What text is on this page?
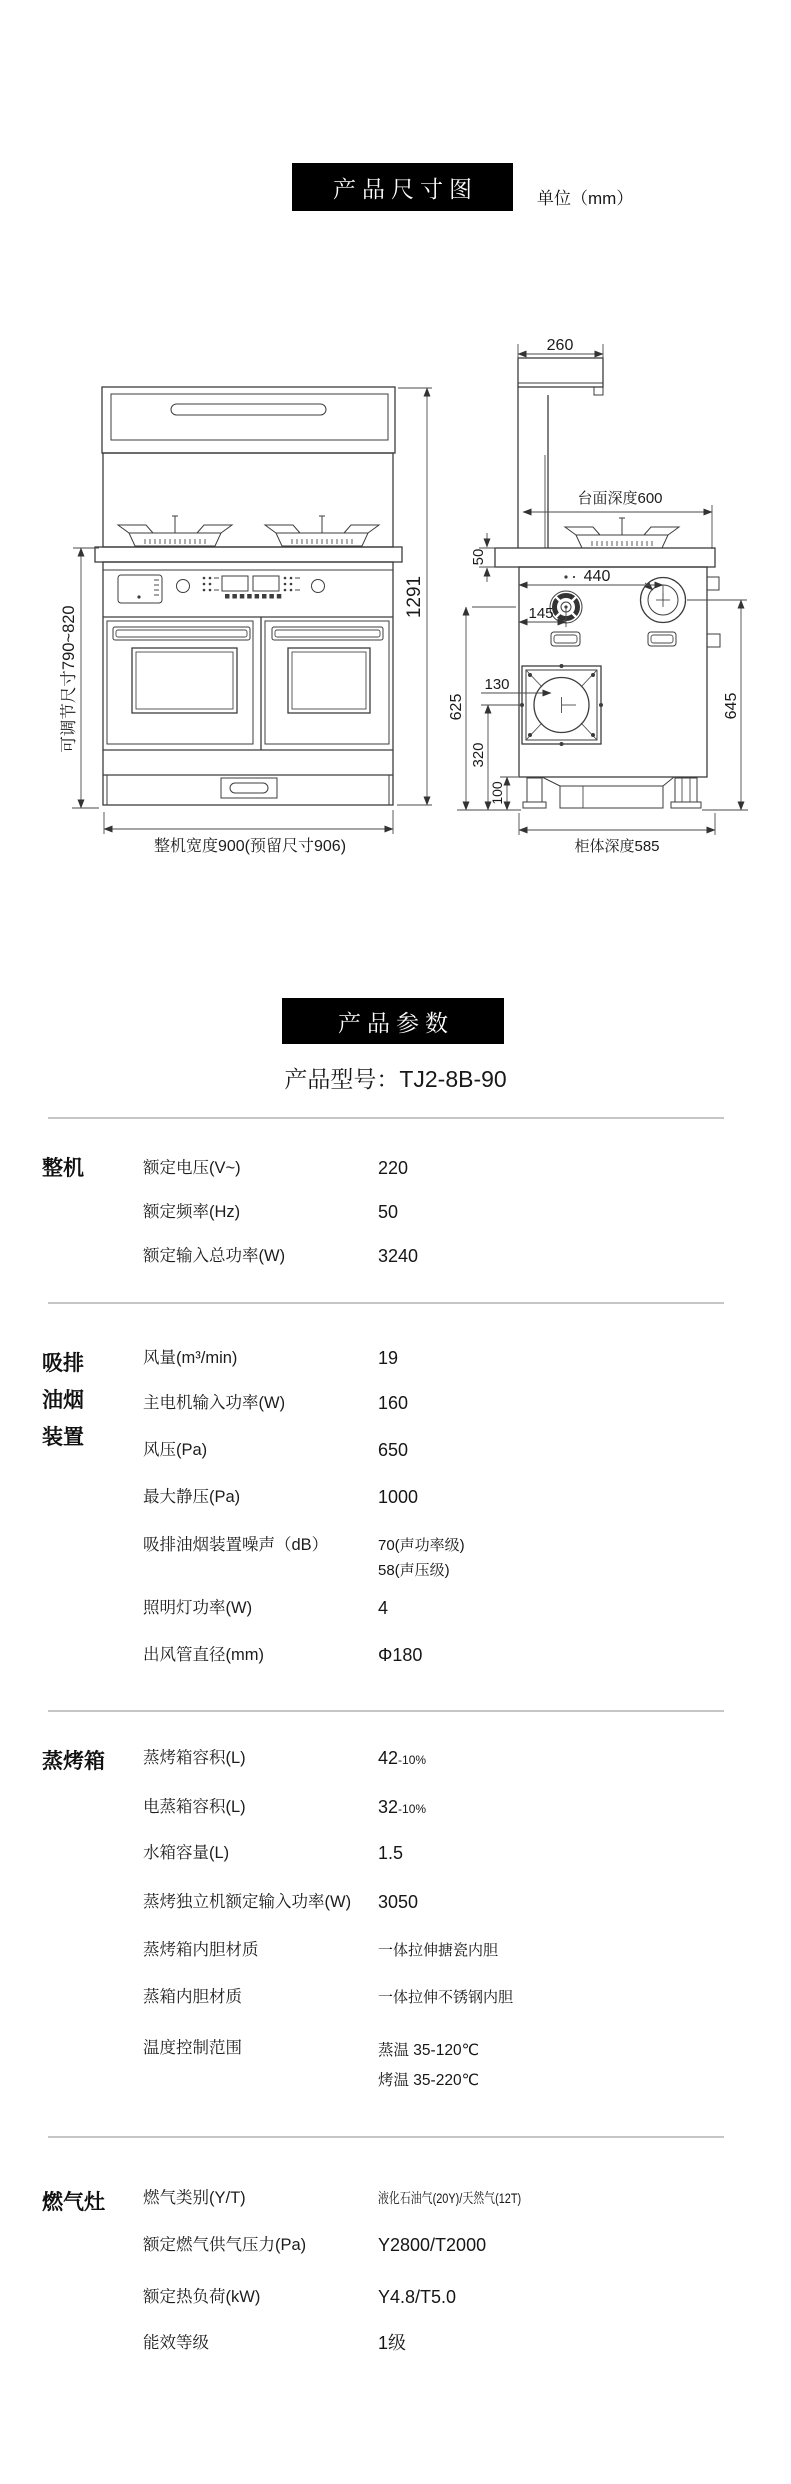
产品尺寸图	单位（mm）
可调节尺寸790~820
1291
整机宽度900(预留尺寸906)
260
台面深度600
50
440
145
130
625
320
100
645
柜体深度585
产品参数
产品型号：TJ2-8B-90
整机
吸排油烟装置
蒸烤箱
燃气灶
额定电压(V~)	220
额定频率(Hz)	50
额定输入总功率(W)	3240
风量(m³/min)	19
主电机输入功率(W)	160
风压(Pa)	650
最大静压(Pa)	1000
吸排油烟装置噪声（dB）	70(声功率级)
58(声压级)
照明灯功率(W)	4
出风管直径(mm)	Φ180
蒸烤箱容积(L)	42-10%
电蒸箱容积(L)	32-10%
水箱容量(L)	1.5
蒸烤独立机额定输入功率(W) 3050
蒸烤箱内胆材质	一体拉伸搪瓷内胆
蒸箱内胆材质	一体拉伸不锈钢内胆
温度控制范围	蒸温 35-120℃
烤温 35-220℃
燃气类别(Y/T)	液化石油气(20Y)/天然气(12T)
额定燃气供气压力(Pa)	Y2800/T2000
额定热负荷(kW)	Y4.8/T5.0
能效等级	1级
